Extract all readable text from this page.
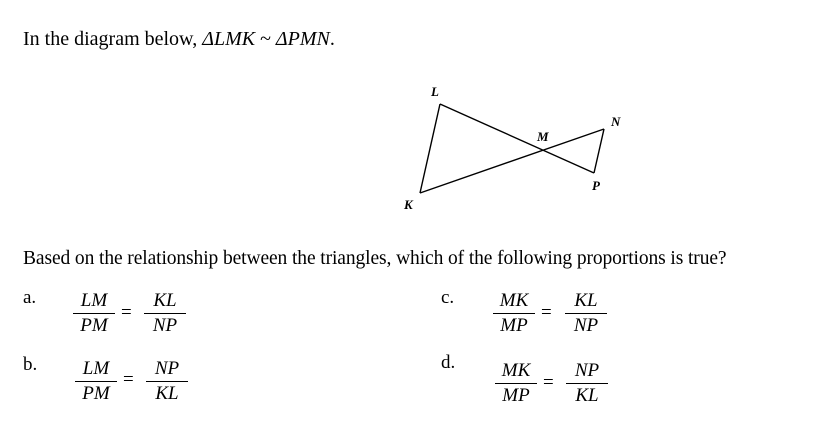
In the diagram below, ΔLMK ~ ΔPMN.
L
M
N
K
P
Based on the relationship between the triangles, which of the following proportions is true?
a. $\frac{LM}{PM} = \frac{KL}{NP}$
b. $\frac{LM}{PM} = \frac{NP}{KL}$
c. $\frac{MK}{MP} = \frac{KL}{NP}$
d. $\frac{MK}{MP} = \frac{NP}{KL}$
